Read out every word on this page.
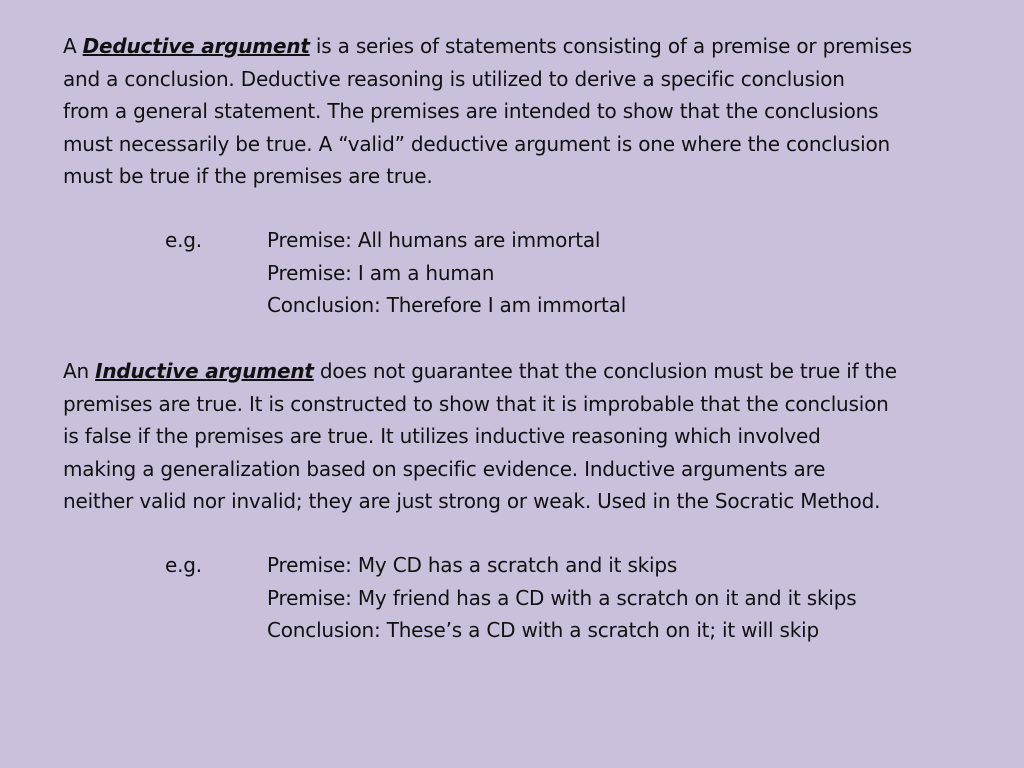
A Deductive argument is a series of statements consisting of a premise or premises
and a conclusion. Deductive reasoning is utilized to derive a specific conclusion
from a general statement. The premises are intended to show that the conclusions
must necessarily be true. A “valid” deductive argument is one where the conclusion
must be true if the premises are true.
e.g.	Premise: All humans are immortal
Premise: I am a human
Conclusion: Therefore I am immortal
An Inductive argument does not guarantee that the conclusion must be true if the
premises are true. It is constructed to show that it is improbable that the conclusion
is false if the premises are true. It utilizes inductive reasoning which involved
making a generalization based on specific evidence. Inductive arguments are
neither valid nor invalid; they are just strong or weak. Used in the Socratic Method.
e.g.	Premise: My CD has a scratch and it skips
Premise: My friend has a CD with a scratch on it and it skips
Conclusion: These’s a CD with a scratch on it; it will skip
